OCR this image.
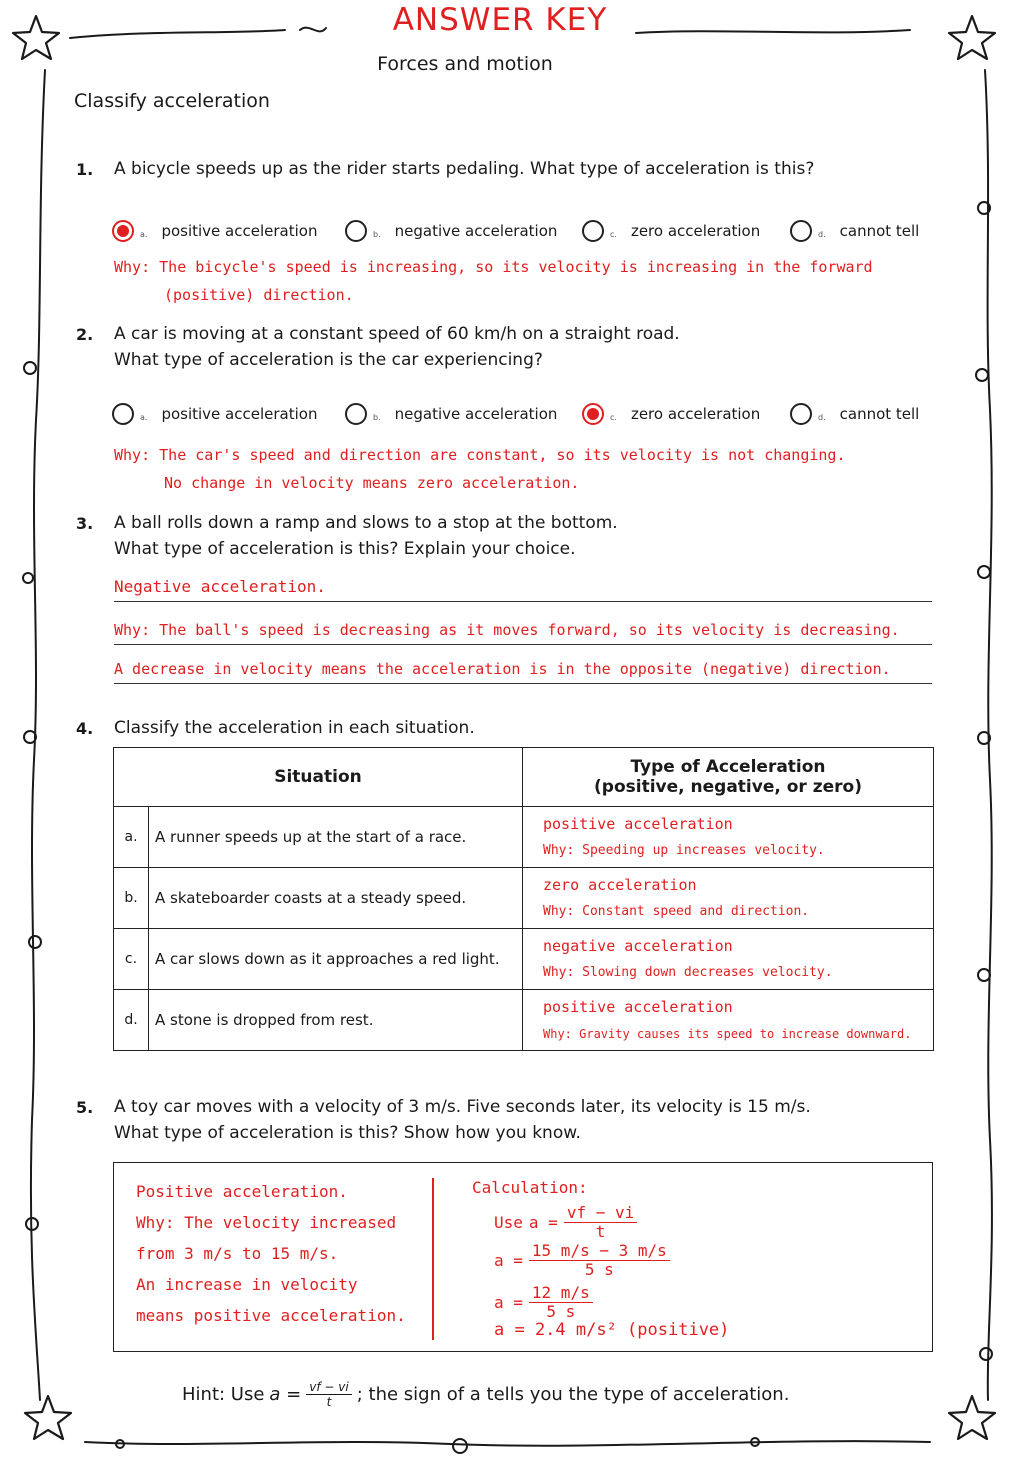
ANSWER KEY
Forces and motion
Classify acceleration
1. A bicycle speeds up as the rider starts pedaling. What type of acceleration is this?
a. positive acceleration	b. negative acceleration	c. zero acceleration	d. cannot tell
Why: The bicycle's speed is increasing, so its velocity is increasing in the forward
(positive) direction.
2. A car is moving at a constant speed of 60 km/h on a straight road.
What type of acceleration is the car experiencing?
a. positive acceleration	b. negative acceleration	c. zero acceleration	d. cannot tell
Why: The car's speed and direction are constant, so its velocity is not changing.
No change in velocity means zero acceleration.
3. A ball rolls down a ramp and slows to a stop at the bottom.
What type of acceleration is this? Explain your choice.
Negative acceleration.
Why: The ball's speed is decreasing as it moves forward, so its velocity is decreasing.
A decrease in velocity means the acceleration is in the opposite (negative) direction.
4. Classify the acceleration in each situation.
Situation		Type of Acceleration
(positive, negative, or zero)

a.	A runner speeds up at the start of a race.	positive acceleration
Why: Speeding up increases velocity.

b.	A skateboarder coasts at a steady speed.	zero acceleration
Why: Constant speed and direction.

c.	A car slows down as it approaches a red light.	negative acceleration
Why: Slowing down decreases velocity.

d.	A stone is dropped from rest.	positive acceleration
Why: Gravity causes its speed to increase downward.
5. A toy car moves with a velocity of 3 m/s. Five seconds later, its velocity is 15 m/s.
What type of acceleration is this? Show how you know.
Positive acceleration.
Why: The velocity increased
from 3 m/s to 15 m/s.
An increase in velocity
means positive acceleration.
Calculation:
Use $a = \frac{vf - vi}{t}$
$a = \frac{15 m/s - 3 m/s}{5 s}$
$a = \frac{12 m/s}{5 s}$
a = 2.4 m/s² (positive)
Hint: Use $a = \frac{vf - vi}{t}$ ; the sign of a tells you the type of acceleration.
